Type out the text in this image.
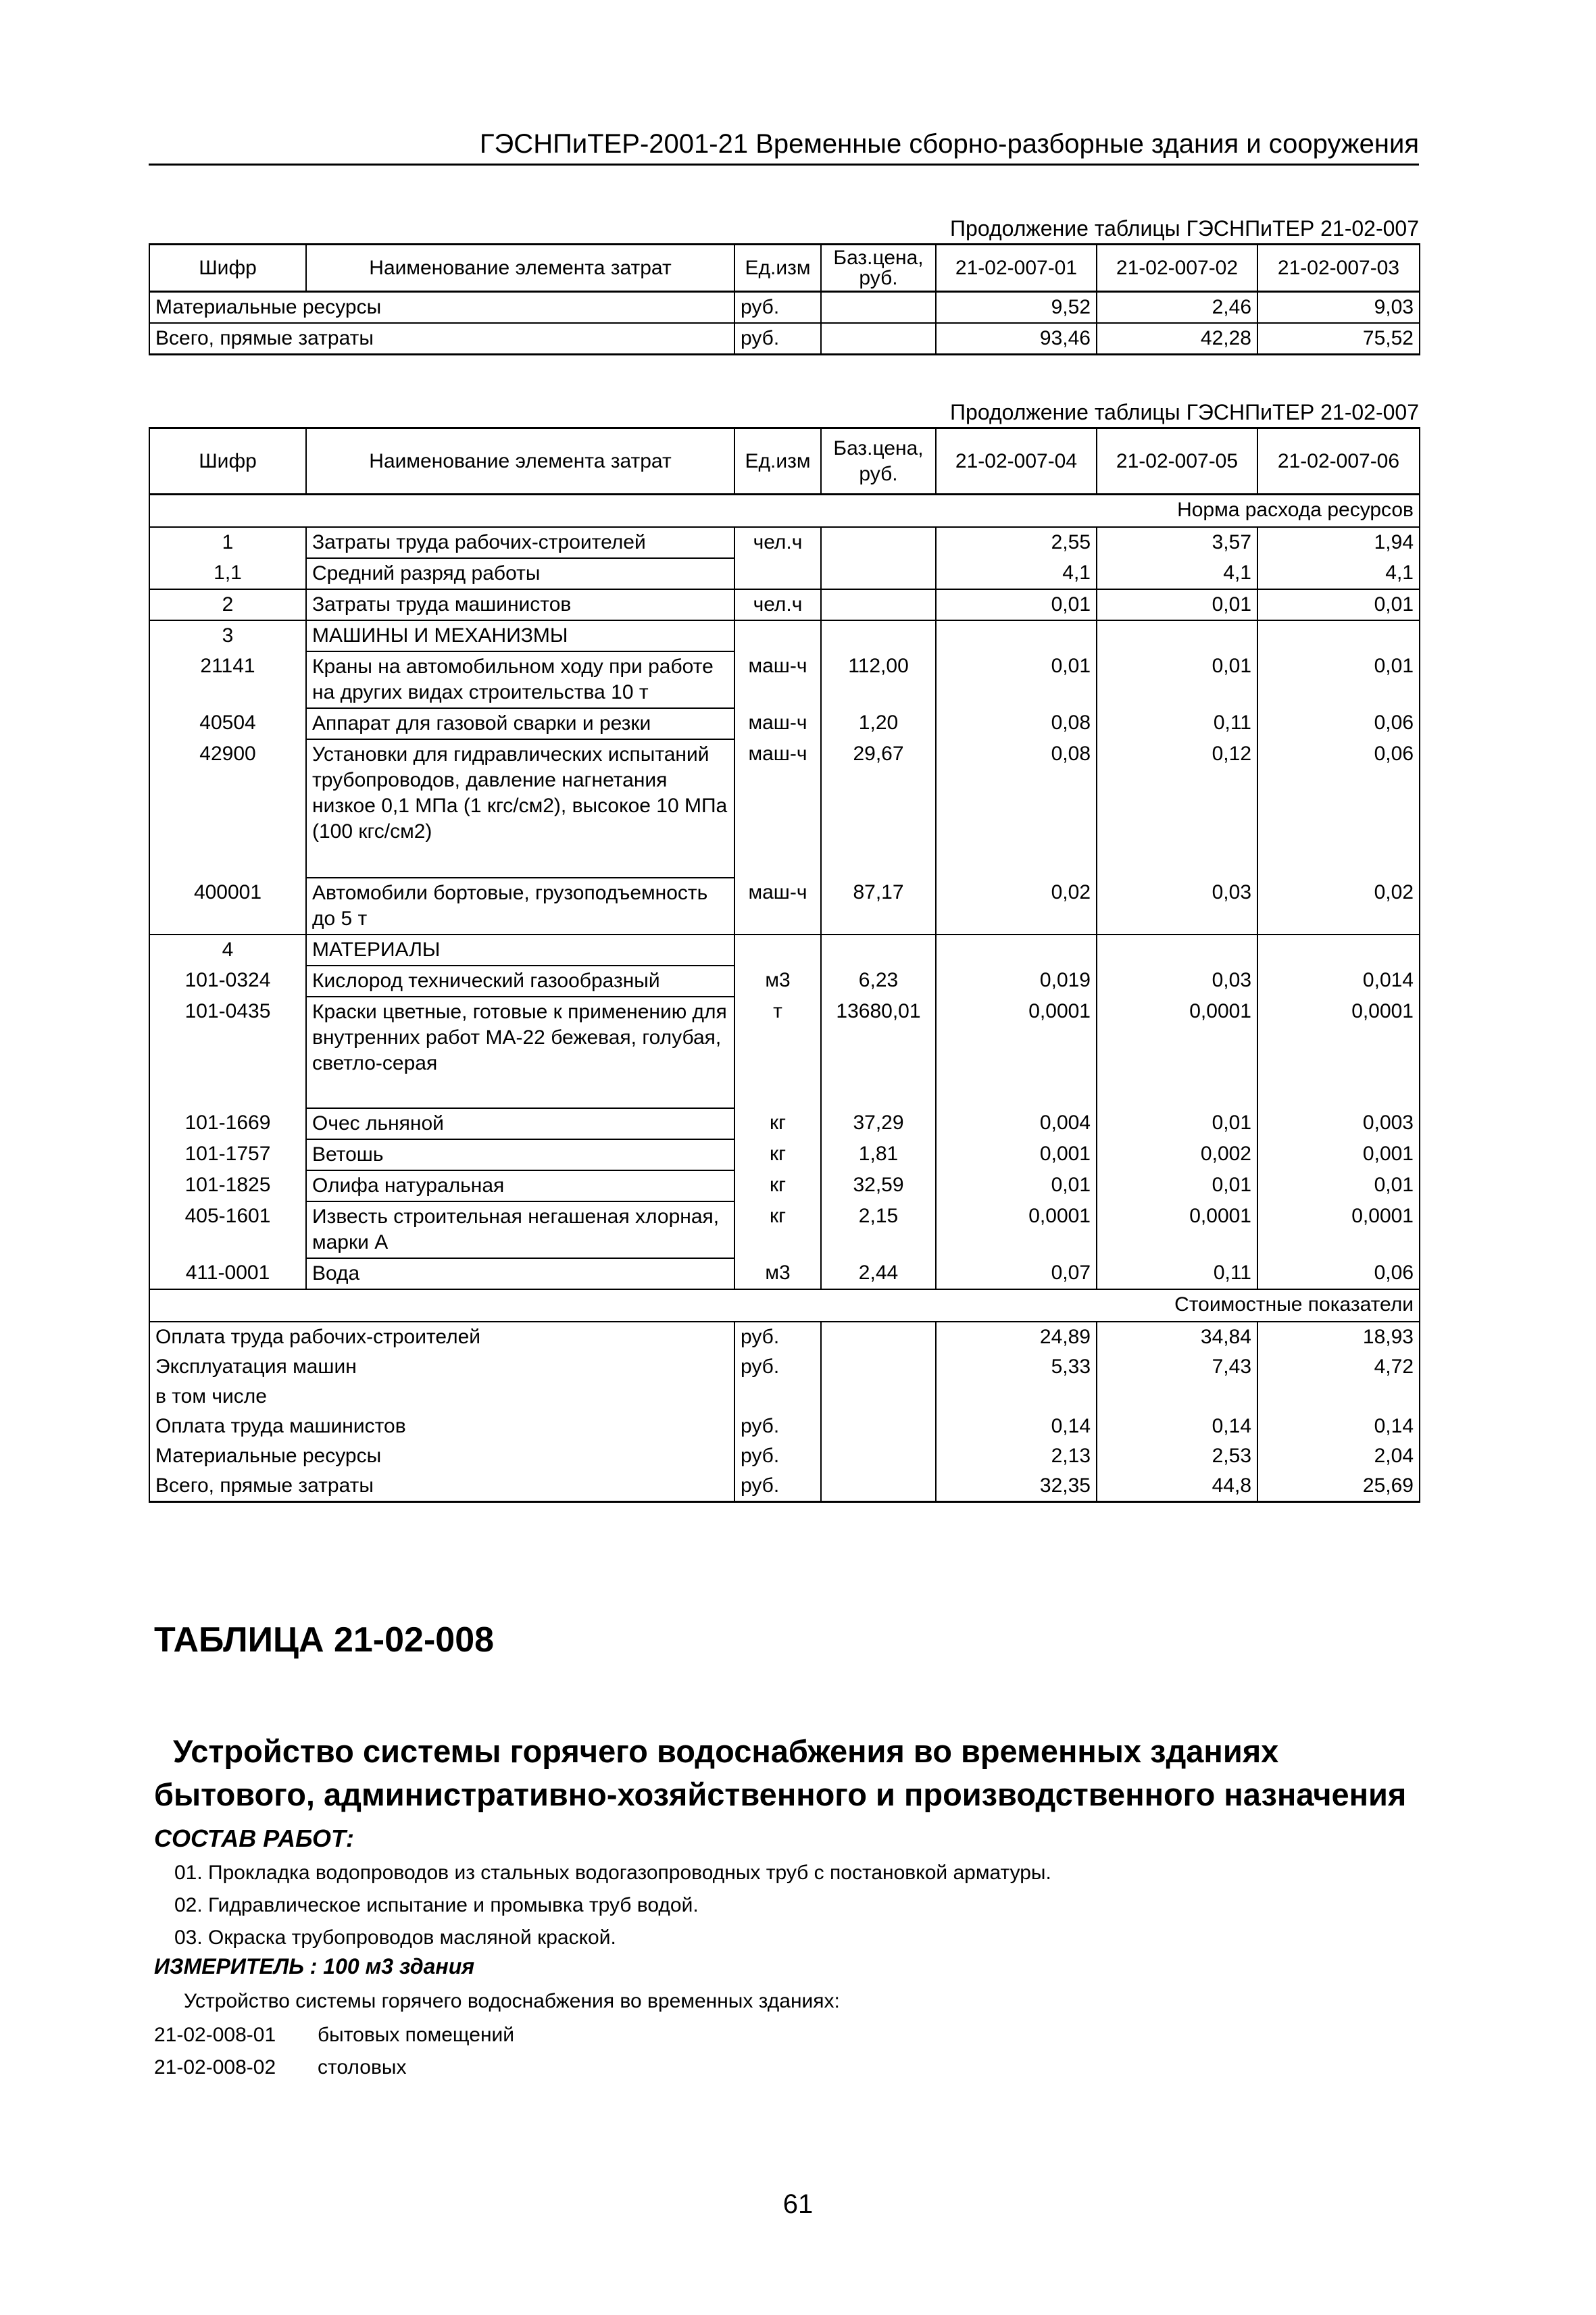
ГЭСНПиТЕР-2001-21 Временные сборно-разборные здания и сооружения
Продолжение таблицы ГЭСНПиТЕР 21-02-007
Шифр	Наименование элемента затрат	Ед.изм	Баз.цена, руб.	21-02-007-01	21-02-007-02	21-02-007-03
Материальные ресурсы		руб.		9,52	2,46	9,03
Всего, прямые затраты		руб.		93,46	42,28	75,52
Продолжение таблицы ГЭСНПиТЕР 21-02-007
Шифр	Наименование элемента затрат	Ед.изм	Баз.цена, руб.	21-02-007-04	21-02-007-05	21-02-007-06
				Норма расхода ресурсов		
1	Затраты труда рабочих-строителей	чел.ч		2,55	3,57	1,94
1,1	Средний разряд работы			4,1	4,1	4,1
2	Затраты труда машинистов	чел.ч		0,01	0,01	0,01
3	МАШИНЫ И МЕХАНИЗМЫ					
21141	Краны на автомобильном ходу при работе на других видах строительства 10 т	маш-ч	112,00	0,01	0,01	0,01
40504	Аппарат для газовой сварки и резки	маш-ч	1,20	0,08	0,11	0,06
42900	Установки для гидравлических испытаний трубопроводов, давление нагнетания низкое 0,1 МПа (1 кгс/см2), высокое 10 МПа (100 кгс/см2)	маш-ч	29,67	0,08	0,12	0,06
400001	Автомобили бортовые, грузоподъемность до 5 т	маш-ч	87,17	0,02	0,03	0,02
4	МАТЕРИАЛЫ					
101-0324	Кислород технический газообразный	м3	6,23	0,019	0,03	0,014
101-0435	Краски цветные, готовые к применению для внутренних работ МА-22 бежевая, голубая, светло-серая	т	13680,01	0,0001	0,0001	0,0001
101-1669	Очес льняной	кг	37,29	0,004	0,01	0,003
101-1757	Ветошь	кг	1,81	0,001	0,002	0,001
101-1825	Олифа натуральная	кг	32,59	0,01	0,01	0,01
405-1601	Известь строительная негашеная хлорная, марки А	кг	2,15	0,0001	0,0001	0,0001
411-0001	Вода	м3	2,44	0,07	0,11	0,06
				Стоимостные показатели		
Оплата труда рабочих-строителей		руб.		24,89	34,84	18,93
Эксплуатация машин		руб.		5,33	7,43	4,72
в том числе						
Оплата труда машинистов		руб.		0,14	0,14	0,14
Материальные ресурсы		руб.		2,13	2,53	2,04
Всего, прямые затраты		руб.		32,35	44,8	25,69
ТАБЛИЦА 21-02-008
Устройство системы горячего водоснабжения во временных зданиях
бытового, административно-хозяйственного и производственного назначения
СОСТАВ РАБОТ:
01. Прокладка водопроводов из стальных водогазопроводных труб с постановкой арматуры.
02. Гидравлическое испытание и промывка труб водой.
03. Окраска трубопроводов масляной краской.
ИЗМЕРИТЕЛЬ : 100 м3 здания
Устройство системы горячего водоснабжения во временных зданиях:
21-02-008-01 бытовых помещений
21-02-008-02 столовых
61
